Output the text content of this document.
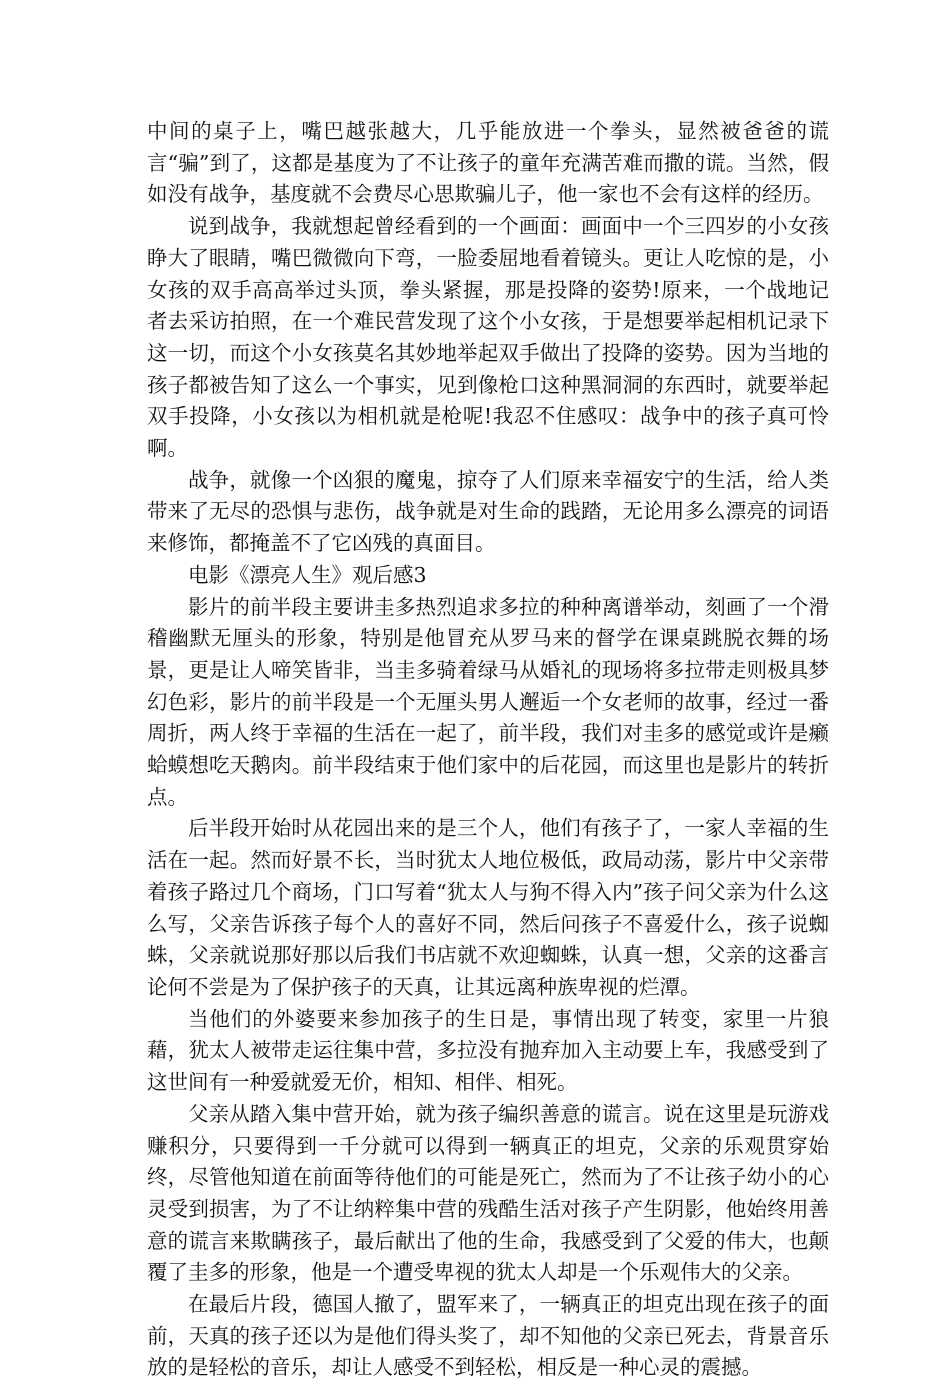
中间的桌子上，嘴巴越张越大，几乎能放进一个拳头，显然被爸爸的谎言“骗”到了，这都是基度为了不让孩子的童年充满苦难而撒的谎。当然，假如没有战争，基度就不会费尽心思欺骗儿子，他一家也不会有这样的经历。

说到战争，我就想起曾经看到的一个画面：画面中一个三四岁的小女孩睁大了眼睛，嘴巴微微向下弯，一脸委屈地看着镜头。更让人吃惊的是，小女孩的双手高高举过头顶，拳头紧握，那是投降的姿势!原来，一个战地记者去采访拍照，在一个难民营发现了这个小女孩，于是想要举起相机记录下这一切，而这个小女孩莫名其妙地举起双手做出了投降的姿势。因为当地的孩子都被告知了这么一个事实，见到像枪口这种黑洞洞的东西时，就要举起双手投降，小女孩以为相机就是枪呢!我忍不住感叹：战争中的孩子真可怜啊。

战争，就像一个凶狠的魔鬼，掠夺了人们原来幸福安宁的生活，给人类带来了无尽的恐惧与悲伤，战争就是对生命的践踏，无论用多么漂亮的词语来修饰，都掩盖不了它凶残的真面目。

电影《漂亮人生》观后感3

影片的前半段主要讲圭多热烈追求多拉的种种离谱举动，刻画了一个滑稽幽默无厘头的形象，特别是他冒充从罗马来的督学在课桌跳脱衣舞的场景，更是让人啼笑皆非，当圭多骑着绿马从婚礼的现场将多拉带走则极具梦幻色彩，影片的前半段是一个无厘头男人邂逅一个女老师的故事，经过一番周折，两人终于幸福的生活在一起了，前半段，我们对圭多的感觉或许是癞蛤蟆想吃天鹅肉。前半段结束于他们家中的后花园，而这里也是影片的转折点。

后半段开始时从花园出来的是三个人，他们有孩子了，一家人幸福的生活在一起。然而好景不长，当时犹太人地位极低，政局动荡，影片中父亲带着孩子路过几个商场，门口写着“犹太人与狗不得入内”孩子问父亲为什么这么写，父亲告诉孩子每个人的喜好不同，然后问孩子不喜爱什么，孩子说蜘蛛，父亲就说那好那以后我们书店就不欢迎蜘蛛，认真一想，父亲的这番言论何不尝是为了保护孩子的天真，让其远离种族卑视的烂潭。

当他们的外婆要来参加孩子的生日是，事情出现了转变，家里一片狼藉，犹太人被带走运往集中营，多拉没有抛弃加入主动要上车，我感受到了这世间有一种爱就爱无价，相知、相伴、相死。

父亲从踏入集中营开始，就为孩子编织善意的谎言。说在这里是玩游戏赚积分，只要得到一千分就可以得到一辆真正的坦克，父亲的乐观贯穿始终，尽管他知道在前面等待他们的可能是死亡，然而为了不让孩子幼小的心灵受到损害，为了不让纳粹集中营的残酷生活对孩子产生阴影，他始终用善意的谎言来欺瞒孩子，最后献出了他的生命，我感受到了父爱的伟大，也颠覆了圭多的形象，他是一个遭受卑视的犹太人却是一个乐观伟大的父亲。

在最后片段，德国人撤了，盟军来了，一辆真正的坦克出现在孩子的面前，天真的孩子还以为是他们得头奖了，却不知他的父亲已死去，背景音乐放的是轻松的音乐，却让人感受不到轻松，相反是一种心灵的震撼。
